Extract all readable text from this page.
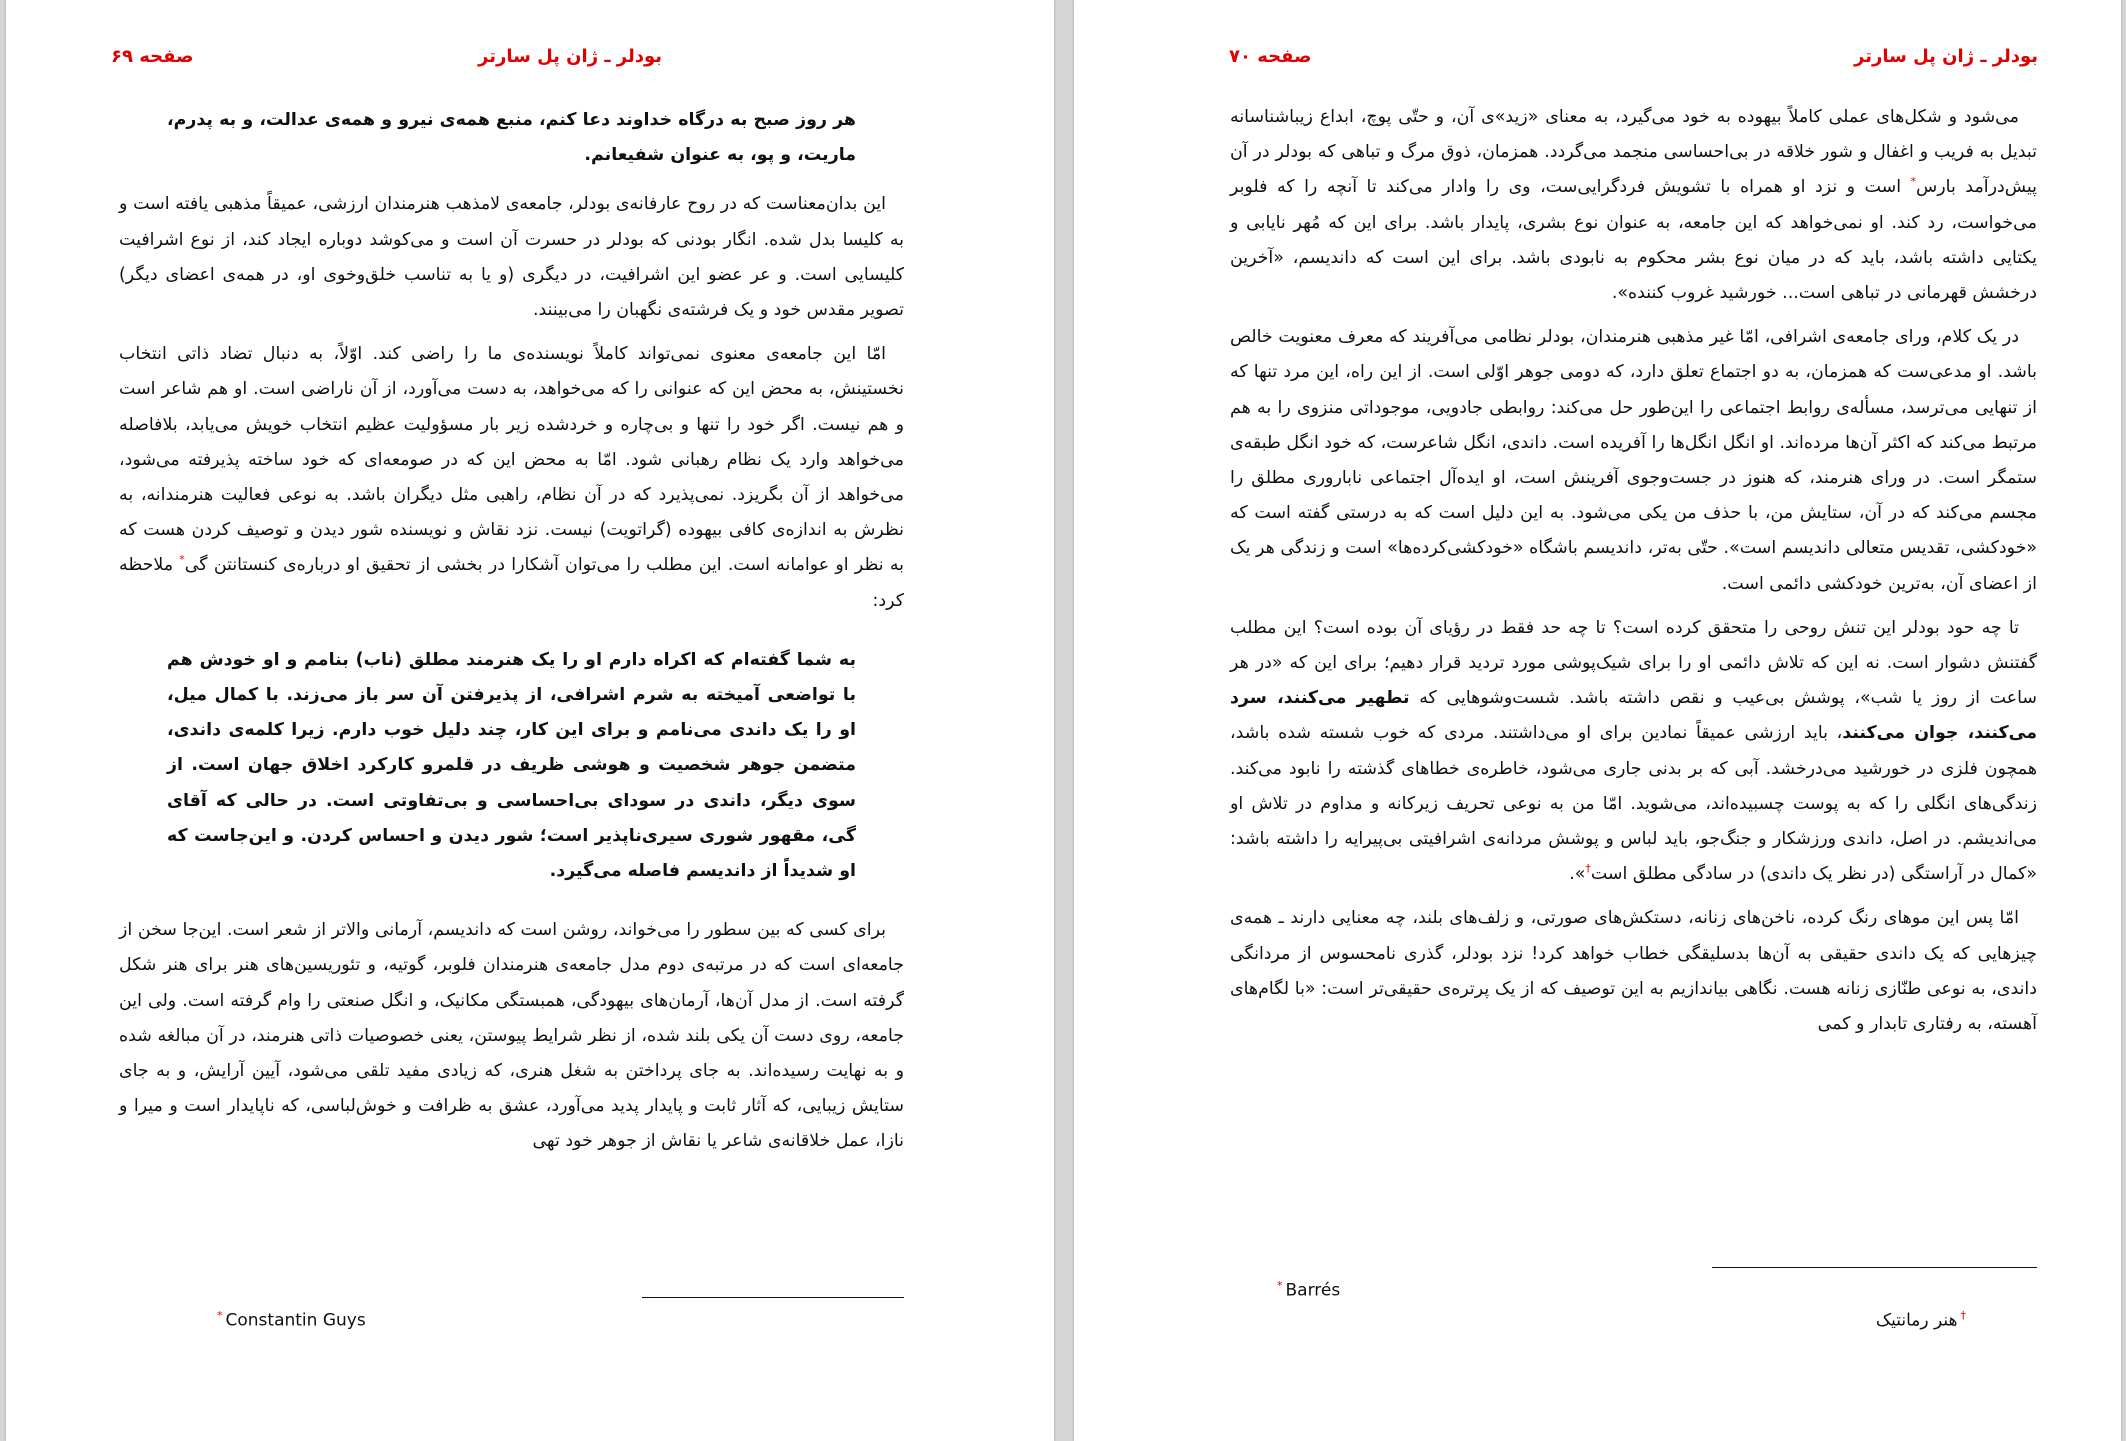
صفحه ۶۹	بودلر ـ ژان پل سارتر

هر روز صبح به درگاه خداوند دعا کنم، منبع همه‌ی نیرو و همه‌ی عدالت، و به پدرم، ماریت، و پو، به عنوان شفیعانم.

این بدان‌معناست که در روح عارفانه‌ی بودلر، جامعه‌ی لامذهب هنرمندان ارزشی، عمیقاً مذهبی یافته است و به کلیسا بدل شده. انگار بودنی که بودلر در حسرت آن است و می‌کوشد دوباره ایجاد کند، از نوع اشرافیت کلیسایی است. و عر عضو این اشرافیت، در دیگری (و یا به تناسب خلق‌وخوی او، در همه‌ی اعضای دیگر) تصویر مقدس خود و یک فرشته‌ی نگهبان را می‌بینند.

امّا این جامعه‌ی معنوی نمی‌تواند کاملاً نویسنده‌ی ما را راضی کند. اوّلاً، به دنبال تضاد ذاتی انتخاب نخستینش، به محض این که عنوانی را که می‌خواهد، به دست می‌آورد، از آن ناراضی است. او هم شاعر است و هم نیست. اگر خود را تنها و بی‌چاره و خردشده زیر بار مسؤولیت عظیم انتخاب خویش می‌یابد، بلافاصله می‌خواهد وارد یک نظام رهبانی شود. امّا به محض این که در صومعه‌ای که خود ساخته پذیرفته می‌شود، می‌خواهد از آن بگریزد. نمی‌پذیرد که در آن نظام، راهبی مثل دیگران باشد. به نوعی فعالیت هنرمندانه، به نظرش به اندازه‌ی کافی بیهوده (گراتویت) نیست. نزد نقاش و نویسنده شور دیدن و توصیف کردن هست که به نظر او عوامانه است. این مطلب را می‌توان آشکارا در بخشی از تحقیق او درباره‌ی کنستانتن گی* ملاحظه کرد:

به شما گفته‌ام که اکراه دارم او را یک هنرمند مطلق (ناب) بنامم و او خودش هم با تواضعی آمیخته به شرم اشرافی، از پذیرفتن آن سر باز می‌زند. با کمال میل، او را یک داندی می‌نامم و برای این کار، چند دلیل خوب دارم. زیرا کلمه‌ی داندی، متضمن جوهر شخصیت و هوشی ظریف در قلمرو کارکرد اخلاق جهان است. از سوی دیگر، داندی در سودای بی‌احساسی و بی‌تفاوتی است. در حالی که آقای گی، مقهور شوری سیری‌ناپذیر است؛ شور دیدن و احساس کردن. و این‌جاست که او شدیداً از داندیسم فاصله می‌گیرد.

برای کسی که بین سطور را می‌خواند، روشن است که داندیسم، آرمانی والاتر از شعر است. این‌جا سخن از جامعه‌ای است که در مرتبه‌ی دوم مدل جامعه‌ی هنرمندان فلوبر، گوتیه، و تئوریسین‌های هنر برای هنر شکل گرفته است. از مدل آن‌ها، آرمان‌های بیهودگی، همبستگی مکانیک، و انگل صنعتی را وام گرفته است. ولی این جامعه، روی دست آن یکی بلند شده، از نظر شرایط پیوستن، یعنی خصوصیات ذاتی هنرمند، در آن مبالغه شده و به نهایت رسیده‌اند. به جای پرداختن به شغل هنری، که زیادی مفید تلقی می‌شود، آیین آرایش، و به جای ستایش زیبایی، که آثار ثابت و پایدار پدید می‌آورد، عشق به ظرافت و خوش‌لباسی، که ناپایدار است و میرا و نازا، عمل خلاقانه‌ی شاعر یا نقاش از جوهر خود تهی

* Constantin Guys
صفحه ۷۰	بودلر ـ ژان پل سارتر

می‌شود و شکل‌های عملی کاملاً بیهوده به خود می‌گیرد، به معنای «زید»ی آن، و حتّی پوچ، ابداع زیباشناسانه تبدیل به فریب و اغفال و شور خلاقه در بی‌احساسی منجمد می‌گردد. همزمان، ذوق مرگ و تباهی که بودلر در آن پیش‌درآمد بارس* است و نزد او همراه با تشویش فردگرایی‌ست، وی را وادار می‌کند تا آنچه را که فلوبر می‌خواست، رد کند. او نمی‌خواهد که این جامعه، به عنوان نوع بشری، پایدار باشد. برای این که مُهر نایابی و یکتایی داشته باشد، باید که در میان نوع بشر محکوم به نابودی باشد. برای این است که داندیسم، «آخرین درخشش قهرمانی در تباهی است... خورشید غروب کننده».

در یک کلام، ورای جامعه‌ی اشرافی، امّا غیر مذهبی هنرمندان، بودلر نظامی می‌آفریند که معرف معنویت خالص باشد. او مدعی‌ست که همزمان، به دو اجتماع تعلق دارد، که دومی جوهر اوّلی است. از این راه، این مرد تنها که از تنهایی می‌ترسد، مسأله‌ی روابط اجتماعی را این‌طور حل می‌کند: روابطی جادویی، موجوداتی منزوی را به هم مرتبط می‌کند که اکثر آن‌ها مرده‌اند. او انگل انگل‌ها را آفریده است. داندی، انگل شاعرست، که خود انگل طبقه‌ی ستمگر است. در ورای هنرمند، که هنوز در جست‌وجوی آفرینش است، او ایده‌آل اجتماعی ناباروری مطلق را مجسم می‌کند که در آن، ستایش من، با حذف من یکی می‌شود. به این دلیل است که به درستی گفته است که «خودکشی، تقدیس متعالی داندیسم است». حتّی به‌تر، داندیسم باشگاه «خودکشی‌کرده‌ها» است و زندگی هر یک از اعضای آن، به‌ترین خودکشی دائمی است.

تا چه حود بودلر این تنش روحی را متحقق کرده است؟ تا چه حد فقط در رؤیای آن بوده است؟ این مطلب گفتنش دشوار است. نه این که تلاش دائمی او را برای شیک‌پوشی مورد تردید قرار دهیم؛ برای این که «در هر ساعت از روز یا شب»، پوشش بی‌عیب و نقص داشته باشد. شست‌وشوهایی که تطهیر می‌کنند، سرد می‌کنند، جوان می‌کنند، باید ارزشی عمیقاً نمادین برای او می‌داشتند. مردی که خوب شسته شده باشد، همچون فلزی در خورشید می‌درخشد. آبی که بر بدنی جاری می‌شود، خاطره‌ی خطاهای گذشته را نابود می‌کند. زندگی‌های انگلی را که به پوست چسبیده‌اند، می‌شوید. امّا من به نوعی تحریف زیرکانه و مداوم در تلاش او می‌اندیشم. در اصل، داندی ورزشکار و جنگ‌جو، باید لباس و پوشش مردانه‌ی اشرافیتی بی‌پیرایه را داشته باشد: «کمال در آراستگی (در نظر یک داندی) در سادگی مطلق است†».

امّا پس این موهای رنگ کرده، ناخن‌های زنانه، دستکش‌های صورتی، و زلف‌های بلند، چه معنایی دارند ـ همه‌ی چیزهایی که یک داندی حقیقی به آن‌ها بدسلیقگی خطاب خواهد کرد! نزد بودلر، گذری نامحسوس از مردانگی داندی، به نوعی طنّازی زنانه هست. نگاهی بیاندازیم به این توصیف که از یک پرتره‌ی حقیقی‌تر است: «با لگام‌های آهسته، به رفتاری تابدار و کمی

* Barrés
†هنر رمانتیک
